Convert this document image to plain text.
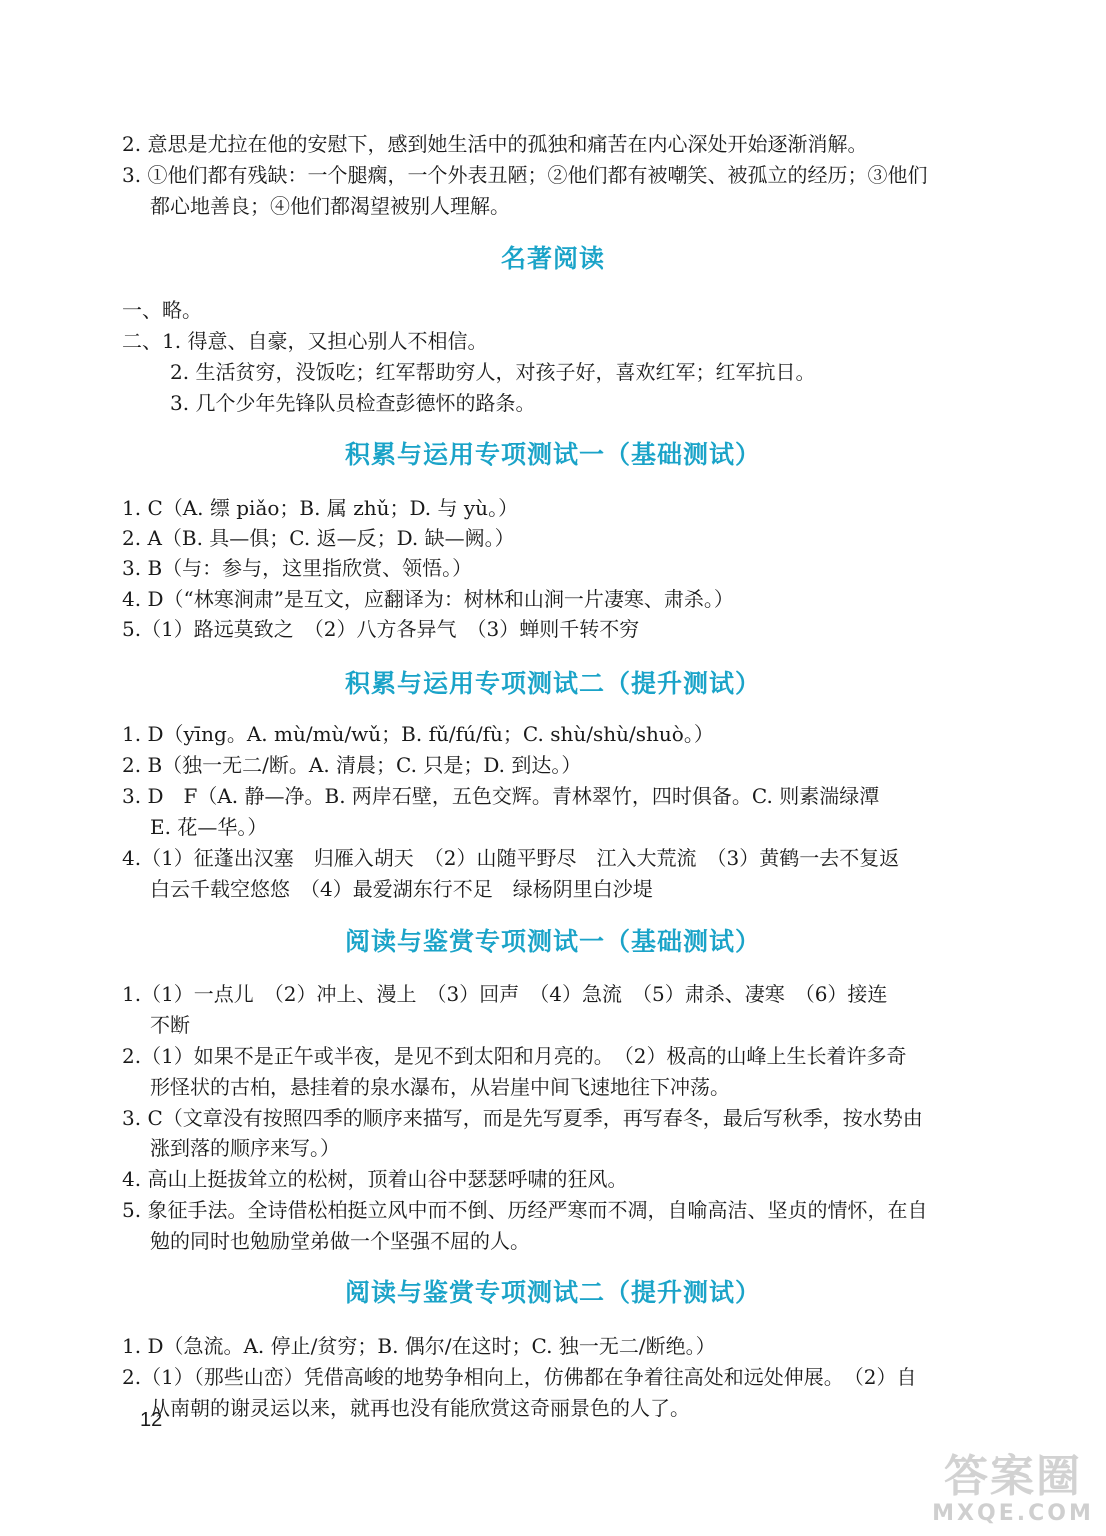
2. 意思是尤拉在他的安慰下，感到她生活中的孤独和痛苦在内心深处开始逐渐消解。
3. ①他们都有残缺：一个腿瘸，一个外表丑陋；②他们都有被嘲笑、被孤立的经历；③他们
都心地善良；④他们都渴望被别人理解。
名著阅读
一、略。
二、1. 得意、自豪，又担心别人不相信。
2. 生活贫穷，没饭吃；红军帮助穷人，对孩子好，喜欢红军；红军抗日。
3. 几个少年先锋队员检查彭德怀的路条。
积累与运用专项测试一（基础测试）
1. C（A. 缥 piǎo；B. 属 zhǔ；D. 与 yù。）
2. A（B. 具—俱；C. 返—反；D. 缺—阙。）
3. B（与：参与，这里指欣赏、领悟。）
4. D（“林寒涧肃”是互文，应翻译为：树林和山涧一片凄寒、肃杀。）
5.（1）路远莫致之　（2）八方各异气　（3）蝉则千转不穷
积累与运用专项测试二（提升测试）
1. D（yīng。A. mù/mù/wǔ；B. fǔ/fú/fù；C. shù/shù/shuò。）
2. B（独一无二/断。A. 清晨；C. 只是；D. 到达。）
3. D　F（A. 静—净。B. 两岸石壁，五色交辉。青林翠竹，四时俱备。C. 则素湍绿潭
E. 花—华。）
4.（1）征蓬出汉塞　归雁入胡天　（2）山随平野尽　江入大荒流　（3）黄鹤一去不复返
白云千载空悠悠　（4）最爱湖东行不足　绿杨阴里白沙堤
阅读与鉴赏专项测试一（基础测试）
1.（1）一点儿　（2）冲上、漫上　（3）回声　（4）急流　（5）肃杀、凄寒　（6）接连
不断
2.（1）如果不是正午或半夜，是见不到太阳和月亮的。　（2）极高的山峰上生长着许多奇
形怪状的古柏，悬挂着的泉水瀑布，从岩崖中间飞速地往下冲荡。
3. C（文章没有按照四季的顺序来描写，而是先写夏季，再写春冬，最后写秋季，按水势由
涨到落的顺序来写。）
4. 高山上挺拔耸立的松树，顶着山谷中瑟瑟呼啸的狂风。
5. 象征手法。全诗借松柏挺立风中而不倒、历经严寒而不凋，自喻高洁、坚贞的情怀，在自
勉的同时也勉励堂弟做一个坚强不屈的人。
阅读与鉴赏专项测试二（提升测试）
1. D（急流。A. 停止/贫穷；B. 偶尔/在这时；C. 独一无二/断绝。）
2.（1）（那些山峦）凭借高峻的地势争相向上，仿佛都在争着往高处和远处伸展。　（2）自
从南朝的谢灵运以来，就再也没有能欣赏这奇丽景色的人了。
12
答案圈
MXQE.COM
